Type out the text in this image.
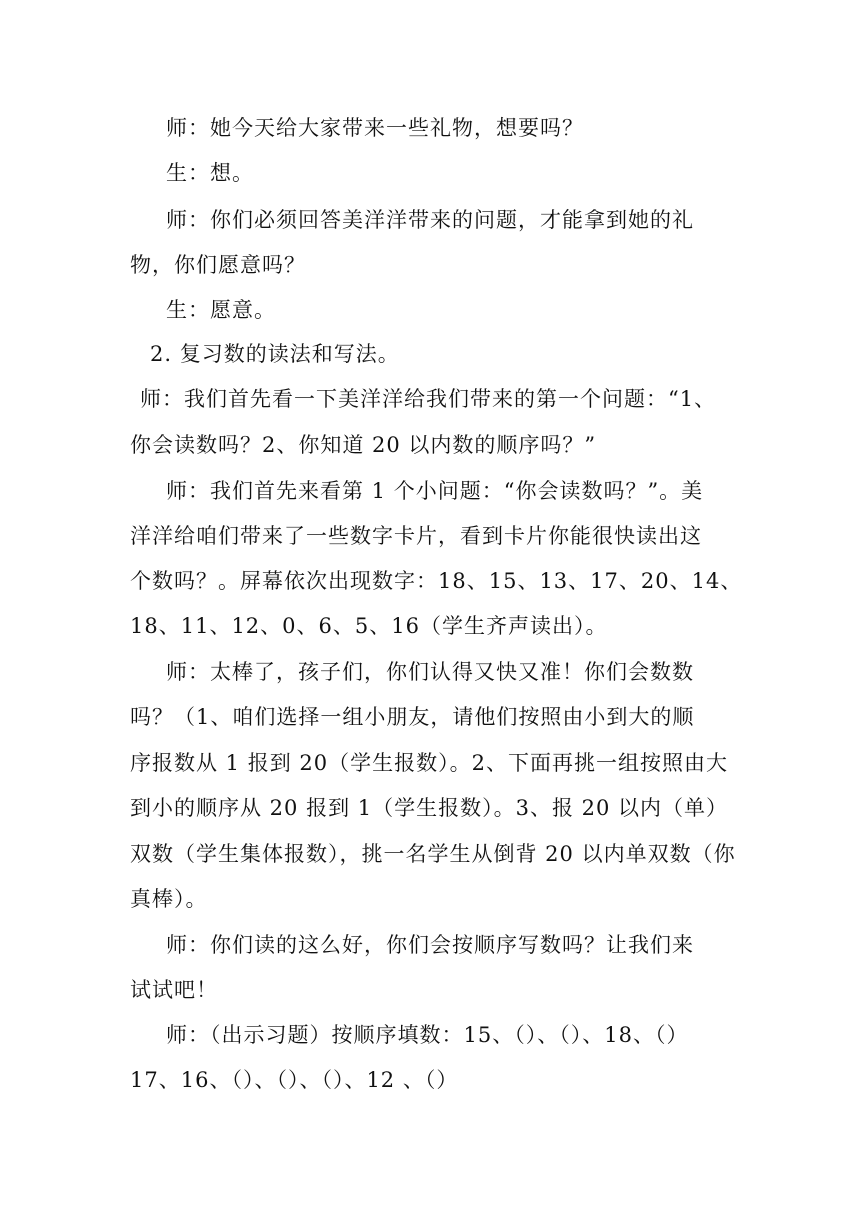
师：她今天给大家带来一些礼物，想要吗？
生：想。
师：你们必须回答美洋洋带来的问题，才能拿到她的礼
物，你们愿意吗？
生：愿意。
2. 复习数的读法和写法。
师：我们首先看一下美洋洋给我们带来的第一个问题：“1、
你会读数吗？2、你知道 20 以内数的顺序吗？”
师：我们首先来看第 1 个小问题：“你会读数吗？”。美
洋洋给咱们带来了一些数字卡片，看到卡片你能很快读出这
个数吗？。屏幕依次出现数字：18、15、13、17、20、14、
18、11、12、0、6、5、16（学生齐声读出）。
师：太棒了，孩子们，你们认得又快又准！你们会数数
吗？（1、咱们选择一组小朋友，请他们按照由小到大的顺
序报数从 1 报到 20（学生报数）。2、下面再挑一组按照由大
到小的顺序从 20 报到 1（学生报数）。3、报 20 以内（单）
双数（学生集体报数），挑一名学生从倒背 20 以内单双数（你
真棒）。
师：你们读的这么好，你们会按顺序写数吗？让我们来
试试吧！
师：（出示习题）按顺序填数：15、（）、（）、18、（）
17、16、（）、（）、（）、12 、（）
